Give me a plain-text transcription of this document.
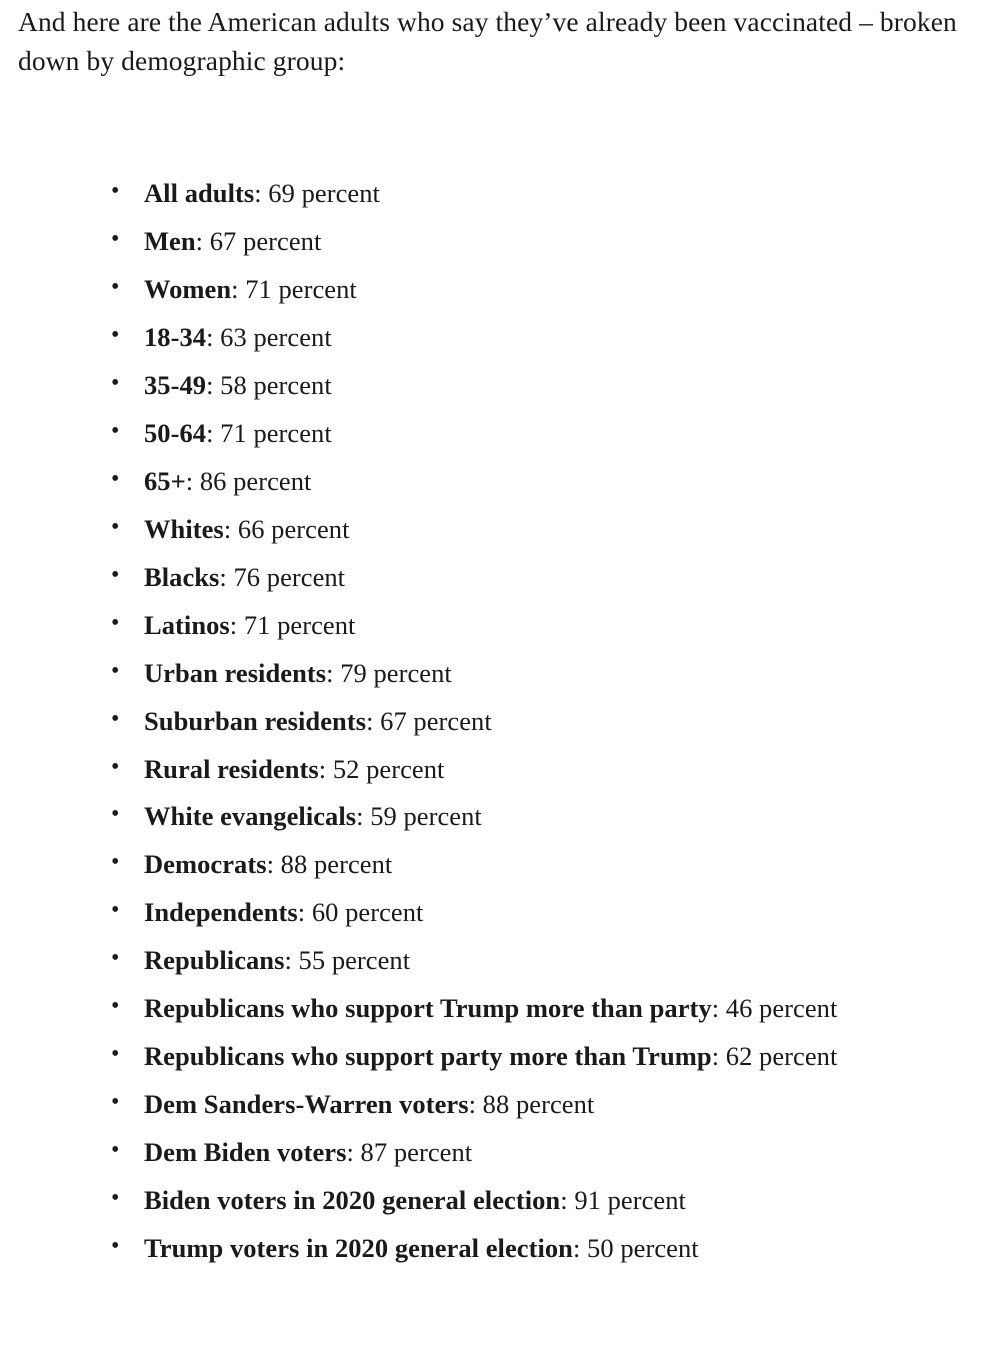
And here are the American adults who say they’ve already been vaccinated – broken down by demographic group:

• All adults: 69 percent
• Men: 67 percent
• Women: 71 percent
• 18-34: 63 percent
• 35-49: 58 percent
• 50-64: 71 percent
• 65+: 86 percent
• Whites: 66 percent
• Blacks: 76 percent
• Latinos: 71 percent
• Urban residents: 79 percent
• Suburban residents: 67 percent
• Rural residents: 52 percent
• White evangelicals: 59 percent
• Democrats: 88 percent
• Independents: 60 percent
• Republicans: 55 percent
• Republicans who support Trump more than party: 46 percent
• Republicans who support party more than Trump: 62 percent
• Dem Sanders-Warren voters: 88 percent
• Dem Biden voters: 87 percent
• Biden voters in 2020 general election: 91 percent
• Trump voters in 2020 general election: 50 percent
